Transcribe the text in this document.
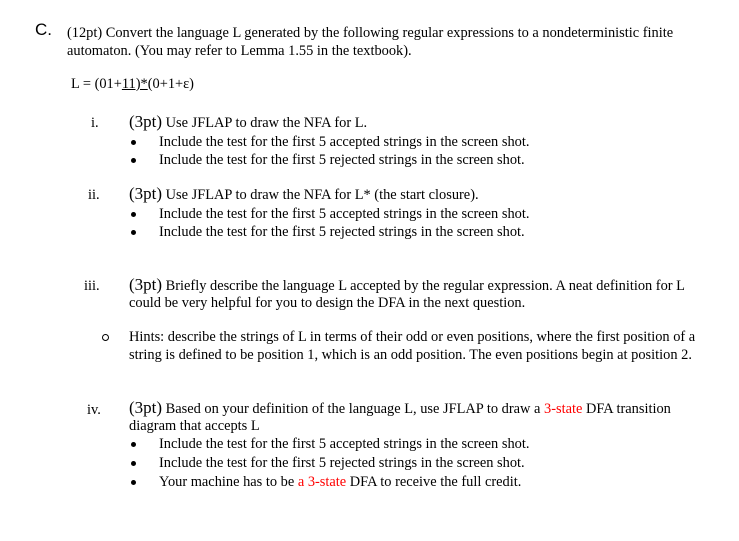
C. (12pt) Convert the language L generated by the following regular expressions to a nondeterministic finite
automaton. (You may refer to Lemma 1.55 in the textbook).
L = (01+11)*(0+1+ε)
i. (3pt) Use JFLAP to draw the NFA for L.
Include the test for the first 5 accepted strings in the screen shot.
Include the test for the first 5 rejected strings in the screen shot.
ii. (3pt) Use JFLAP to draw the NFA for L* (the start closure).
Include the test for the first 5 accepted strings in the screen shot.
Include the test for the first 5 rejected strings in the screen shot.
iii. (3pt) Briefly describe the language L accepted by the regular expression. A neat definition for L
could be very helpful for you to design the DFA in the next question.
Hints: describe the strings of L in terms of their odd or even positions, where the first position of a
string is defined to be position 1, which is an odd position. The even positions begin at position 2.
iv. (3pt) Based on your definition of the language L, use JFLAP to draw a 3-state DFA transition
diagram that accepts L
Include the test for the first 5 accepted strings in the screen shot.
Include the test for the first 5 rejected strings in the screen shot.
Your machine has to be a 3-state DFA to receive the full credit.
